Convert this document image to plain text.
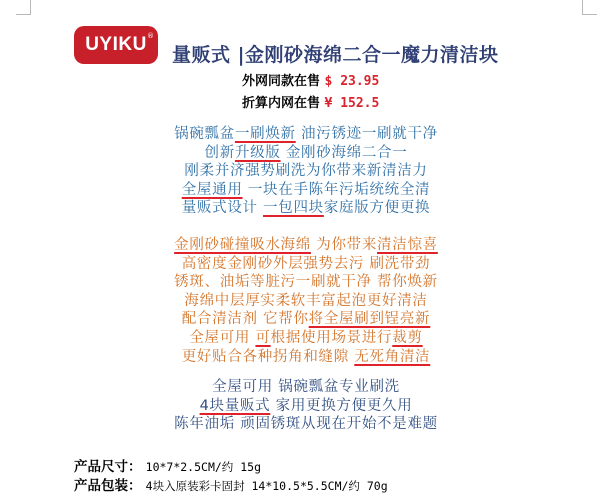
UYIKU ®
量贩式 |金刚砂海绵二合一魔力清洁块
外网同款在售 $ 23.95
折算内网在售 ¥ 152.5
锅碗瓢盆一刷焕新 油污锈迹一刷就干净
创新升级版 金刚砂海绵二合一
刚柔并济强势刷洗为你带来新清洁力
全屋通用 一块在手陈年污垢统统全清
量贩式设计 一包四块家庭版方便更换
金刚砂碰撞吸水海绵 为你带来清洁惊喜
高密度金刚砂外层强势去污 刷洗带劲
锈斑、油垢等脏污一刷就干净 帮你焕新
海绵中层厚实柔软丰富起泡更好清洁
配合清洁剂 它帮你将全屋刷到锃亮新
全屋可用 可根据使用场景进行裁剪
更好贴合各种拐角和缝隙 无死角清洁
全屋可用 锅碗瓢盆专业刷洗
4块量贩式 家用更换方便更久用
陈年油垢 顽固锈斑从现在开始不是难题
产品尺寸： 10*7*2.5CM/约 15g
产品包装： 4块入原装彩卡固封 14*10.5*5.5CM/约 70g
